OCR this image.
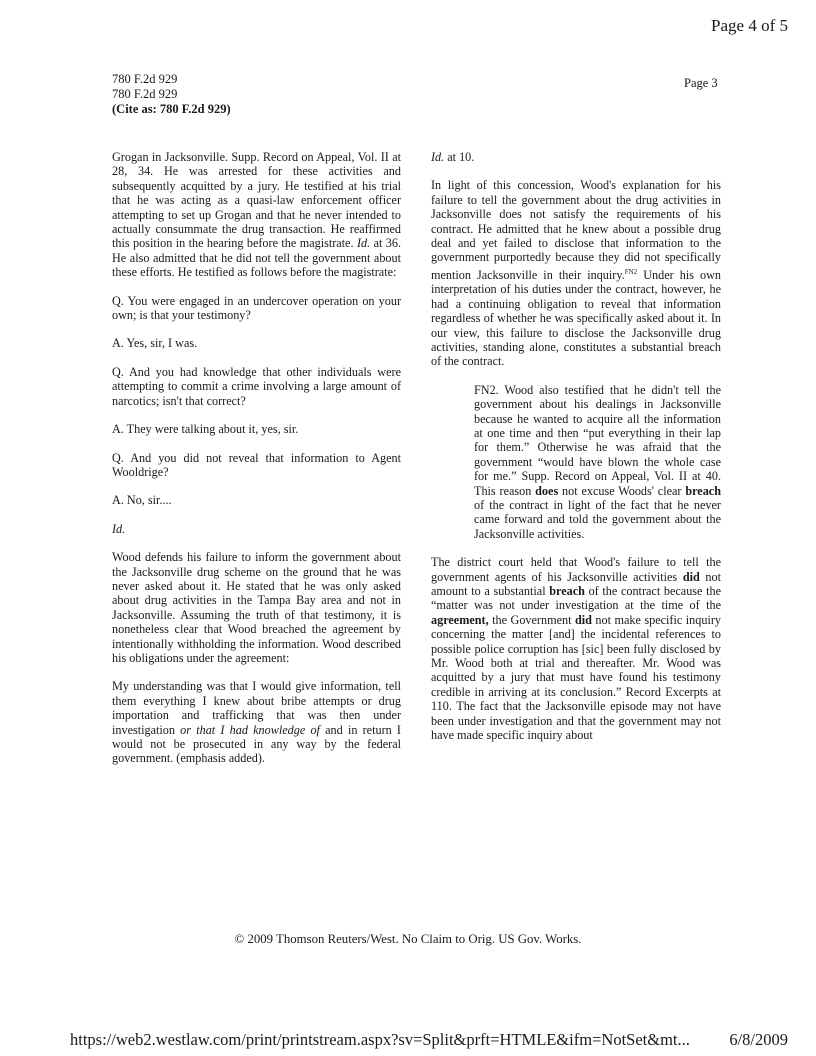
Page 4 of 5
780 F.2d 929
780 F.2d 929
(Cite as: 780 F.2d 929)
Page 3

Grogan in Jacksonville. Supp. Record on Appeal, Vol. II at 28, 34. He was arrested for these activities and subsequently acquitted by a jury. He testified at his trial that he was acting as a quasi-law enforcement officer attempting to set up Grogan and that he never intended to actually consummate the drug transaction. He reaffirmed this position in the hearing before the magistrate. Id. at 36. He also admitted that he did not tell the government about these efforts. He testified as follows before the magistrate:

Q. You were engaged in an undercover operation on your own; is that your testimony?

A. Yes, sir, I was.

Q. And you had knowledge that other individuals were attempting to commit a crime involving a large amount of narcotics; isn't that correct?

A. They were talking about it, yes, sir.

Q. And you did not reveal that information to Agent Wooldrige?

A. No, sir....

Id.

Wood defends his failure to inform the government about the Jacksonville drug scheme on the ground that he was never asked about it. He stated that he was only asked about drug activities in the Tampa Bay area and not in Jacksonville. Assuming the truth of that testimony, it is nonetheless clear that Wood breached the agreement by intentionally withholding the information. Wood described his obligations under the agreement:

My understanding was that I would give information, tell them everything I knew about bribe attempts or drug importation and trafficking that was then under investigation or that I had knowledge of and in return I would not be prosecuted in any way by the federal government. (emphasis added).

Id. at 10.

In light of this concession, Wood's explanation for his failure to tell the government about the drug activities in Jacksonville does not satisfy the requirements of his contract. He admitted that he knew about a possible drug deal and yet failed to disclose that information to the government purportedly because they did not specifically mention Jacksonville in their inquiry.$^{FN2}$ Under his own interpretation of his duties under the contract, however, he had a continuing obligation to reveal that information regardless of whether he was specifically asked about it. In our view, this failure to disclose the Jacksonville drug activities, standing alone, constitutes a substantial breach of the contract.

FN2. Wood also testified that he didn't tell the government about his dealings in Jacksonville because he wanted to acquire all the information at one time and then “put everything in their lap for them.” Otherwise he was afraid that the government “would have blown the whole case for me.” Supp. Record on Appeal, Vol. II at 40. This reason does not excuse Woods' clear breach of the contract in light of the fact that he never came forward and told the government about the Jacksonville activities.

The district court held that Wood's failure to tell the government agents of his Jacksonville activities did not amount to a substantial breach of the contract because the “matter was not under investigation at the time of the agreement, the Government did not make specific inquiry concerning the matter [and] the incidental references to possible police corruption has [sic] been fully disclosed by Mr. Wood both at trial and thereafter. Mr. Wood was acquitted by a jury that must have found his testimony credible in arriving at its conclusion.” Record Excerpts at 110. The fact that the Jacksonville episode may not have been under investigation and that the government may not have made specific inquiry about

© 2009 Thomson Reuters/West. No Claim to Orig. US Gov. Works.
https://web2.westlaw.com/print/printstream.aspx?sv=Split&prft=HTMLE&ifm=NotSet&mt... 6/8/2009
